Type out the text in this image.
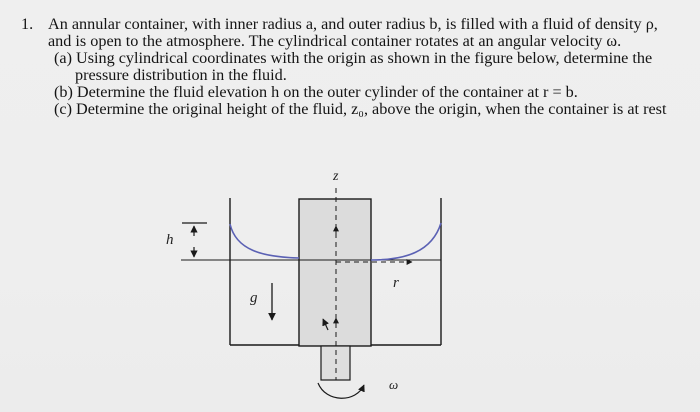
1. An annular container, with inner radius a, and outer radius b, is filled with a fluid of density ρ,
and is open to the atmosphere. The cylindrical container rotates at an angular velocity ω.
(a) Using cylindrical coordinates with the origin as shown in the figure below, determine the
pressure distribution in the fluid.
(b) Determine the fluid elevation h on the outer cylinder of the container at r = b.
(c) Determine the original height of the fluid, z₀, above the origin, when the container is at rest
h
z
r
g
ω
